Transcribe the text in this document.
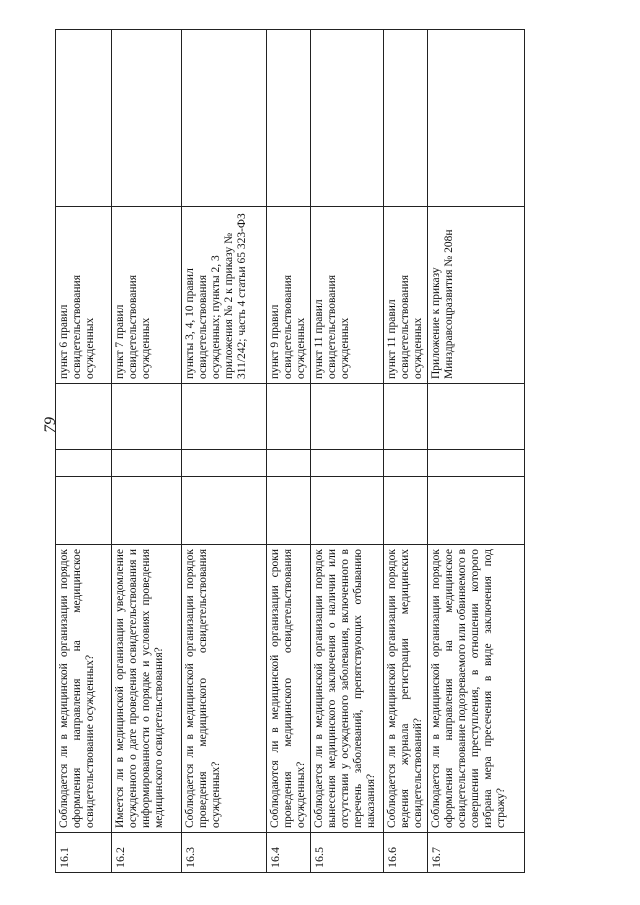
79
16.1	Соблюдается ли в медицинской организации порядок оформления направления на медицинское освидетельствование осужденных?				пункт 6 правил освидетельствования осужденных	
16.2	Имеется ли в медицинской организации уведомление осужденного о дате проведения освидетельствования и информированности о порядке и условиях проведения медицинского освидетельствования?				пункт 7 правил освидетельствования осужденных	
16.3	Соблюдается ли в медицинской организации порядок проведения медицинского освидетельствования осужденных?				пункты 3, 4, 10 правил освидетельствования осужденных; пункты 2, 3 приложения № 2 к приказу № 311/242; часть 4 статьи 65 323-ФЗ	
16.4	Соблюдаются ли в медицинской организации сроки проведения медицинского освидетельствования осужденных?				пункт 9 правил освидетельствования осужденных	
16.5	Соблюдается ли в медицинской организации порядок вынесения медицинского заключения о наличии или отсутствии у осужденного заболевания, включенного в перечень заболеваний, препятствующих отбыванию наказания?				пункт 11 правил освидетельствования осужденных	
16.6	Соблюдается ли в медицинской организации порядок ведения журнала регистрации медицинских освидетельствований?				пункт 11 правил освидетельствования осужденных	
16.7	Соблюдается ли в медицинской организации порядок оформления направления на медицинское освидетельствование подозреваемого или обвиняемого в совершении преступления, в отношении которого избрана мера пресечения в виде заключения под стражу?				Приложение к приказу Минздравсоцразвития № 208н	
